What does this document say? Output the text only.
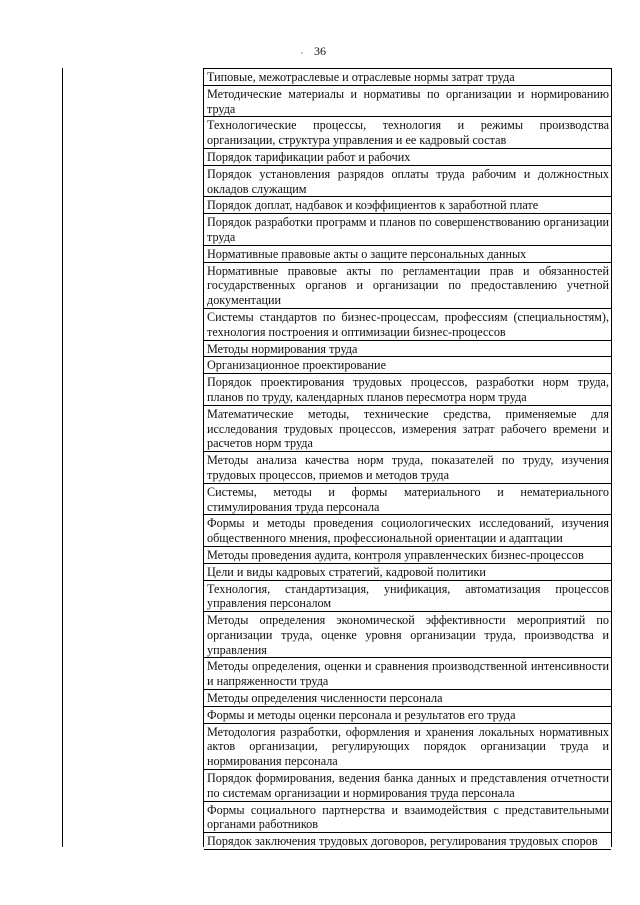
36
,
Типовые, межотраслевые и отраслевые нормы затрат труда
Методические материалы и нормативы по организации и нормированию труда
Технологические процессы, технология и режимы производства организации, структура управления и ее кадровый состав
Порядок тарификации работ и рабочих
Порядок установления разрядов оплаты труда рабочим и должностных окладов служащим
Порядок доплат, надбавок и коэффициентов к заработной плате
Порядок разработки программ и планов по совершенствованию организации труда
Нормативные правовые акты о защите персональных данных
Нормативные правовые акты по регламентации прав и обязанностей государственных органов и организации по предоставлению учетной документации
Системы стандартов по бизнес-процессам, профессиям (специальностям), технология построения и оптимизации бизнес-процессов
Методы нормирования труда
Организационное проектирование
Порядок проектирования трудовых процессов, разработки норм труда, планов по труду, календарных планов пересмотра норм труда
Математические методы, технические средства, применяемые для исследования трудовых процессов, измерения затрат рабочего времени и расчетов норм труда
Методы анализа качества норм труда, показателей по труду, изучения трудовых процессов, приемов и методов труда
Системы, методы и формы материального и нематериального стимулирования труда персонала
Формы и методы проведения социологических исследований, изучения общественного мнения, профессиональной ориентации и адаптации
Методы проведения аудита, контроля управленческих бизнес-процессов
Цели и виды кадровых стратегий, кадровой политики
Технология, стандартизация, унификация, автоматизация процессов управления персоналом
Методы определения экономической эффективности мероприятий по организации труда, оценке уровня организации труда, производства и управления
Методы определения, оценки и сравнения производственной интенсивности и напряженности труда
Методы определения численности персонала
Формы и методы оценки персонала и результатов его труда
Методология разработки, оформления и хранения локальных нормативных актов организации, регулирующих порядок организации труда и нормирования персонала
Порядок формирования, ведения банка данных и представления отчетности по системам организации и нормирования труда персонала
Формы социального партнерства и взаимодействия с представительными органами работников
Порядок заключения трудовых договоров, регулирования трудовых споров
